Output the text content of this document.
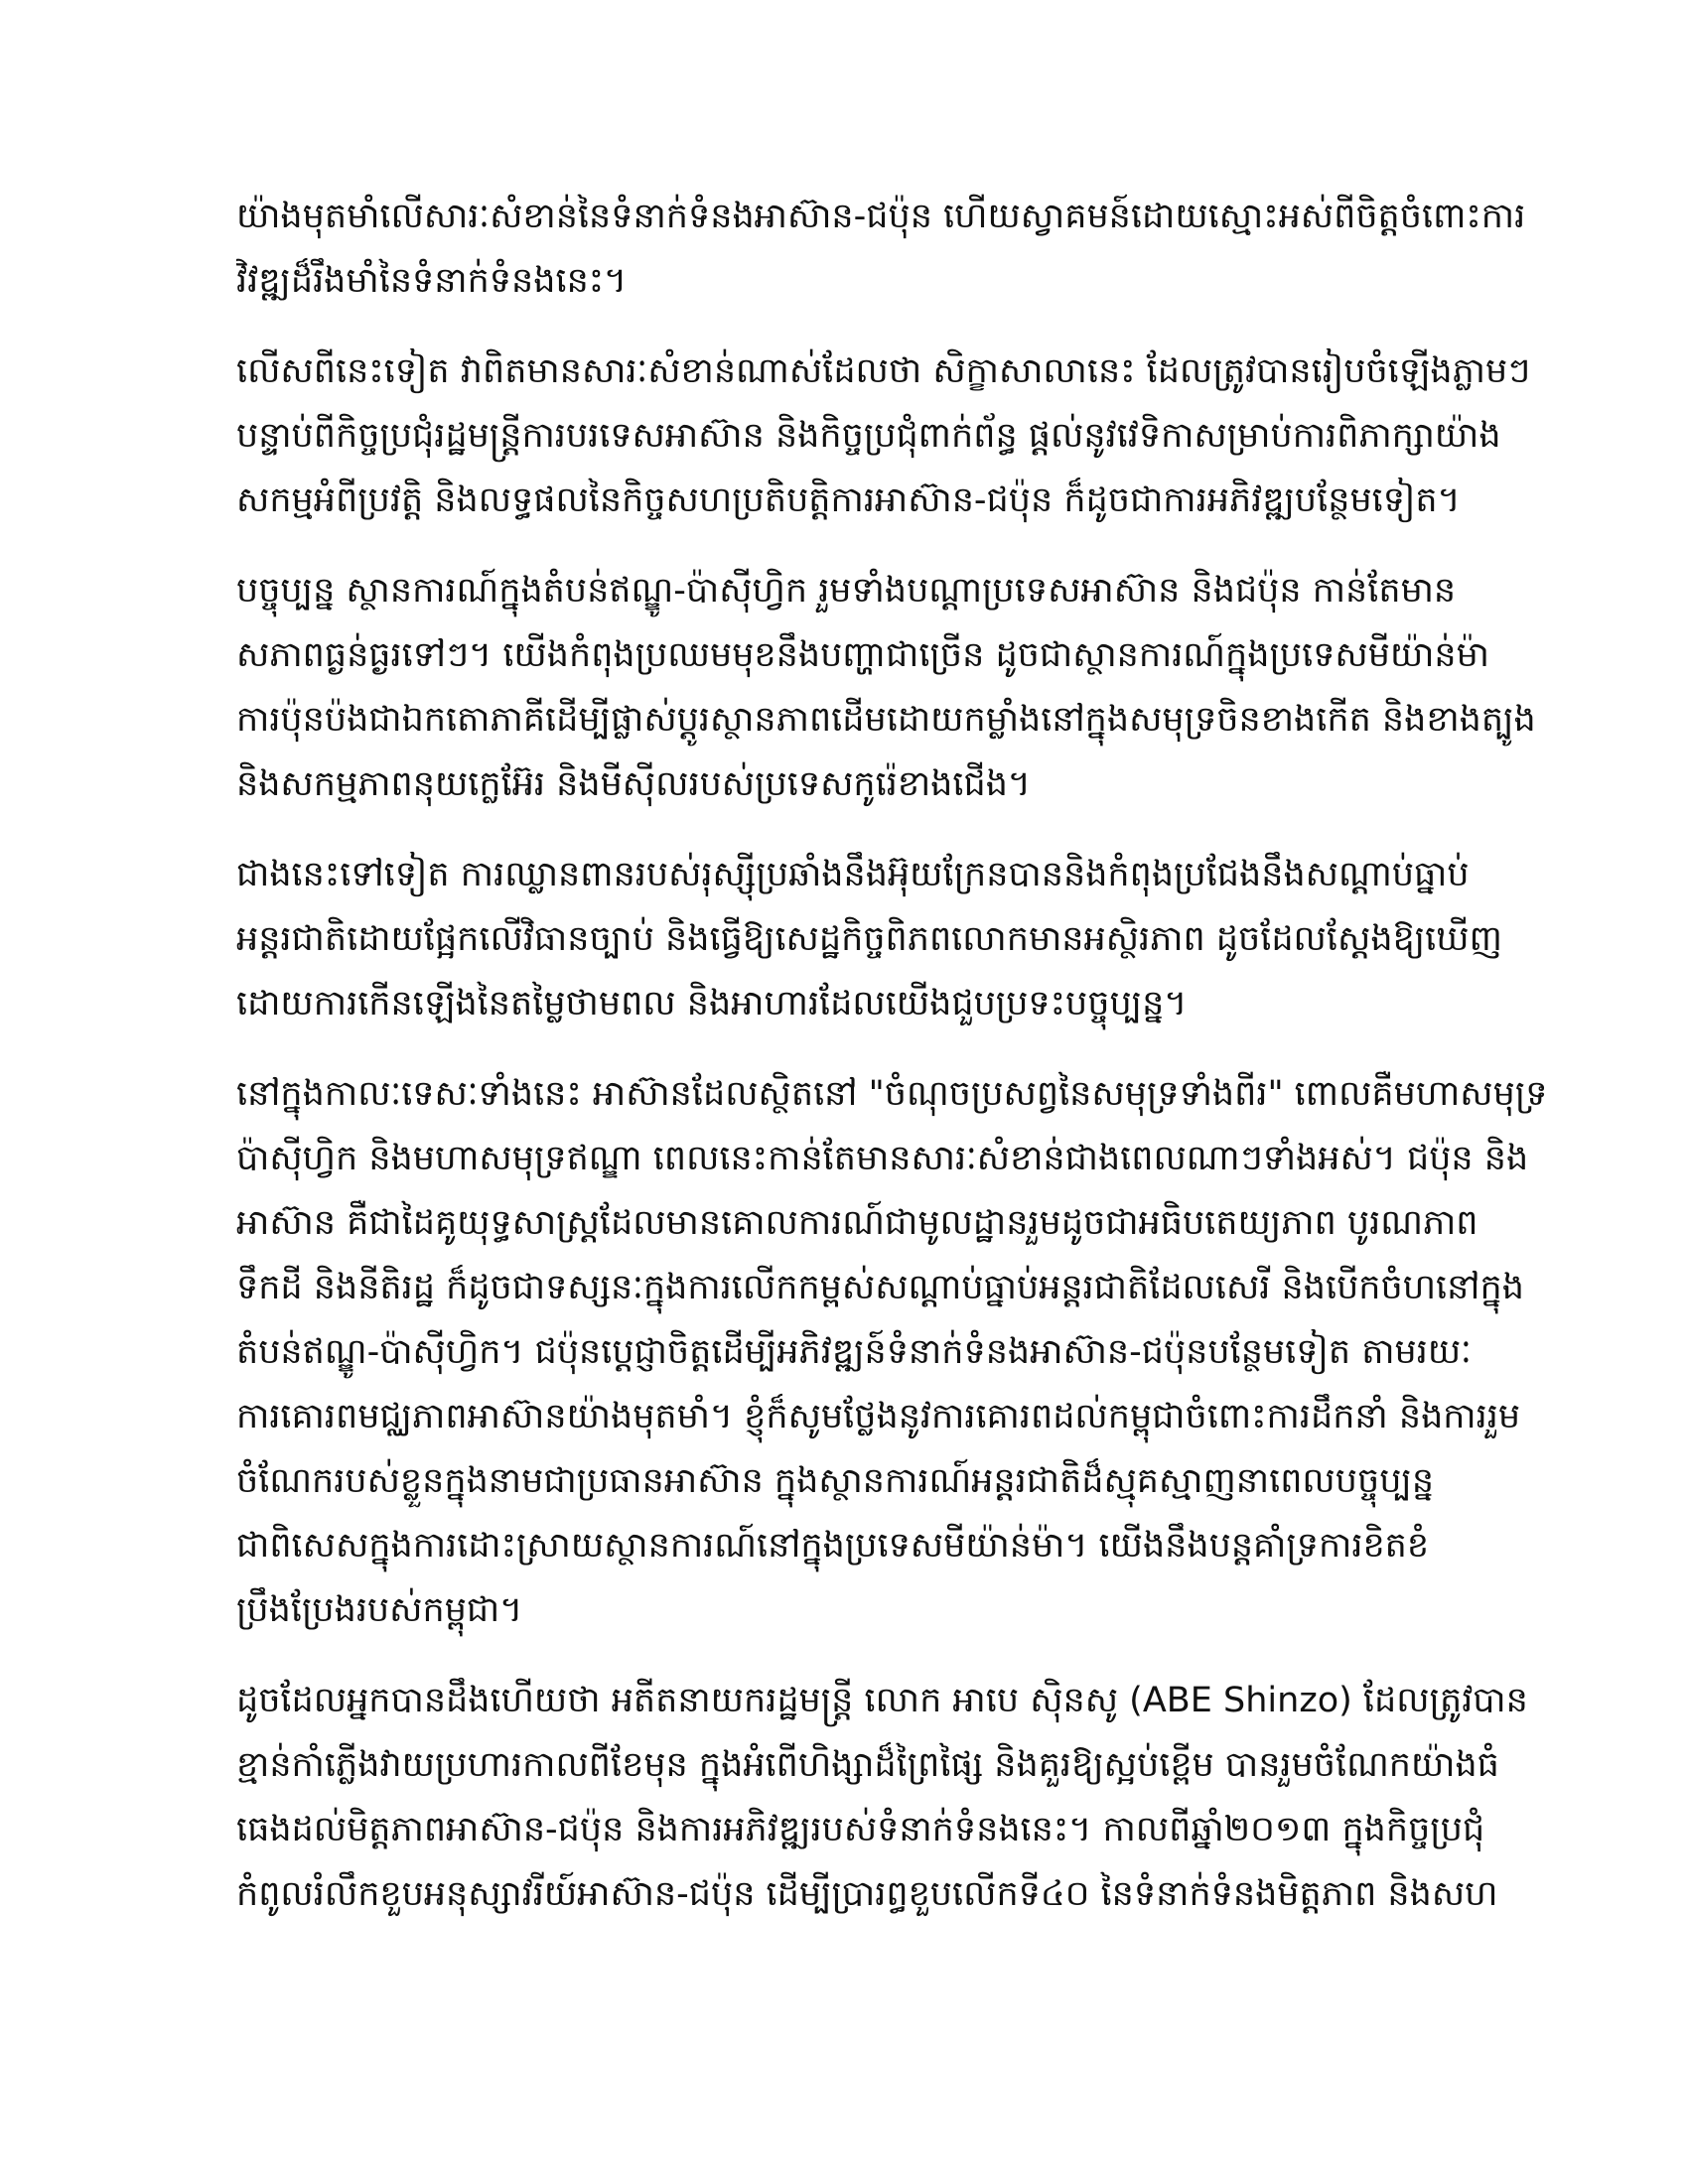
យ៉ាងមុតមាំលើសារៈសំខាន់នៃទំនាក់ទំនងអាស៊ាន-ជប៉ុន ហើយស្វាគមន៍ដោយស្មោះអស់ពីចិត្តចំពោះការ
វិវឌ្ឍដ៏រឹងមាំនៃទំនាក់ទំនងនេះ។

លើសពីនេះទៀត វាពិតមានសារៈសំខាន់ណាស់ដែលថា សិក្ខាសាលានេះ ដែលត្រូវបានរៀបចំឡើងភ្លាមៗ
បន្ទាប់ពីកិច្ចប្រជុំរដ្ឋមន្ត្រីការបរទេសអាស៊ាន និងកិច្ចប្រជុំពាក់ព័ន្ធ ផ្តល់នូវវេទិកាសម្រាប់ការពិភាក្សាយ៉ាង
សកម្មអំពីប្រវត្តិ និងលទ្ធផលនៃកិច្ចសហប្រតិបត្តិការអាស៊ាន-ជប៉ុន ក៏ដូចជាការអភិវឌ្ឍបន្ថែមទៀត។

បច្ចុប្បន្ន ស្ថានការណ៍ក្នុងតំបន់ឥណ្ឌូ-ប៉ាស៊ីហ្វិក រួមទាំងបណ្តាប្រទេសអាស៊ាន និងជប៉ុន កាន់តែមាន
សភាពធ្ងន់ធ្ងរទៅៗ។ យើងកំពុងប្រឈមមុខនឹងបញ្ហាជាច្រើន ដូចជាស្ថានការណ៍ក្នុងប្រទេសមីយ៉ាន់ម៉ា
ការប៉ុនប៉ងជាឯកតោភាគីដើម្បីផ្លាស់ប្តូរស្ថានភាពដើមដោយកម្លាំងនៅក្នុងសមុទ្រចិនខាងកើត និងខាងត្បូង
និងសកម្មភាពនុយក្លេអ៊ែរ និងមីស៊ីលរបស់ប្រទេសកូរ៉េខាងជើង។

ជាងនេះទៅទៀត ការឈ្លានពានរបស់រុស្ស៊ីប្រឆាំងនឹងអ៊ុយក្រែនបាននិងកំពុងប្រជែងនឹងសណ្តាប់ធ្នាប់
អន្តរជាតិដោយផ្អែកលើវិធានច្បាប់ និងធ្វើឱ្យសេដ្ឋកិច្ចពិភពលោកមានអស្ថិរភាព ដូចដែលស្តែងឱ្យឃើញ
ដោយការកើនឡើងនៃតម្លៃថាមពល និងអាហារដែលយើងជួបប្រទះបច្ចុប្បន្ន។

នៅក្នុងកាលៈទេសៈទាំងនេះ អាស៊ានដែលស្ថិតនៅ "ចំណុចប្រសព្វនៃសមុទ្រទាំងពីរ" ពោលគឺមហាសមុទ្រ
ប៉ាស៊ីហ្វិក និងមហាសមុទ្រឥណ្ឌា ពេលនេះកាន់តែមានសារៈសំខាន់ជាងពេលណាៗទាំងអស់។ ជប៉ុន និង
អាស៊ាន គឺជាដៃគូយុទ្ធសាស្ត្រដែលមានគោលការណ៍ជាមូលដ្ឋានរួមដូចជាអធិបតេយ្យភាព បូរណភាព
ទឹកដី និងនីតិរដ្ឋ ក៏ដូចជាទស្សនៈក្នុងការលើកកម្ពស់សណ្តាប់ធ្នាប់អន្តរជាតិដែលសេរី និងបើកចំហនៅក្នុង
តំបន់ឥណ្ឌូ-ប៉ាស៊ីហ្វិក។ ជប៉ុនប្តេជ្ញាចិត្តដើម្បីអភិវឌ្ឍន៍ទំនាក់ទំនងអាស៊ាន-ជប៉ុនបន្ថែមទៀត តាមរយៈ
ការគោរពមជ្ឈភាពអាស៊ានយ៉ាងមុតមាំ។ ខ្ញុំក៏សូមថ្លែងនូវការគោរពដល់កម្ពុជាចំពោះការដឹកនាំ និងការរួម
ចំណែករបស់ខ្លួនក្នុងនាមជាប្រធានអាស៊ាន ក្នុងស្ថានការណ៍អន្តរជាតិដ៏ស្មុគស្មាញនាពេលបច្ចុប្បន្ន
ជាពិសេសក្នុងការដោះស្រាយស្ថានការណ៍នៅក្នុងប្រទេសមីយ៉ាន់ម៉ា។ យើងនឹងបន្តគាំទ្រការខិតខំ
ប្រឹងប្រែងរបស់កម្ពុជា។

ដូចដែលអ្នកបានដឹងហើយថា អតីតនាយករដ្ឋមន្ត្រី លោក អាបេ ស៊ិនសូ (ABE Shinzo) ដែលត្រូវបាន
ខ្មាន់កាំភ្លើងវាយប្រហារកាលពីខែមុន ក្នុងអំពើហិង្សាដ៏ព្រៃផ្សៃ និងគួរឱ្យស្អប់ខ្ពើម បានរួមចំណែកយ៉ាងធំ
ធេងដល់មិត្តភាពអាស៊ាន-ជប៉ុន និងការអភិវឌ្ឍរបស់ទំនាក់ទំនងនេះ។ កាលពីឆ្នាំ២០១៣ ក្នុងកិច្ចប្រជុំ
កំពូលរំលឹកខួបអនុស្សាវរីយ៍អាស៊ាន-ជប៉ុន ដើម្បីប្រារព្ធខួបលើកទី៤០ នៃទំនាក់ទំនងមិត្តភាព និងសហ
